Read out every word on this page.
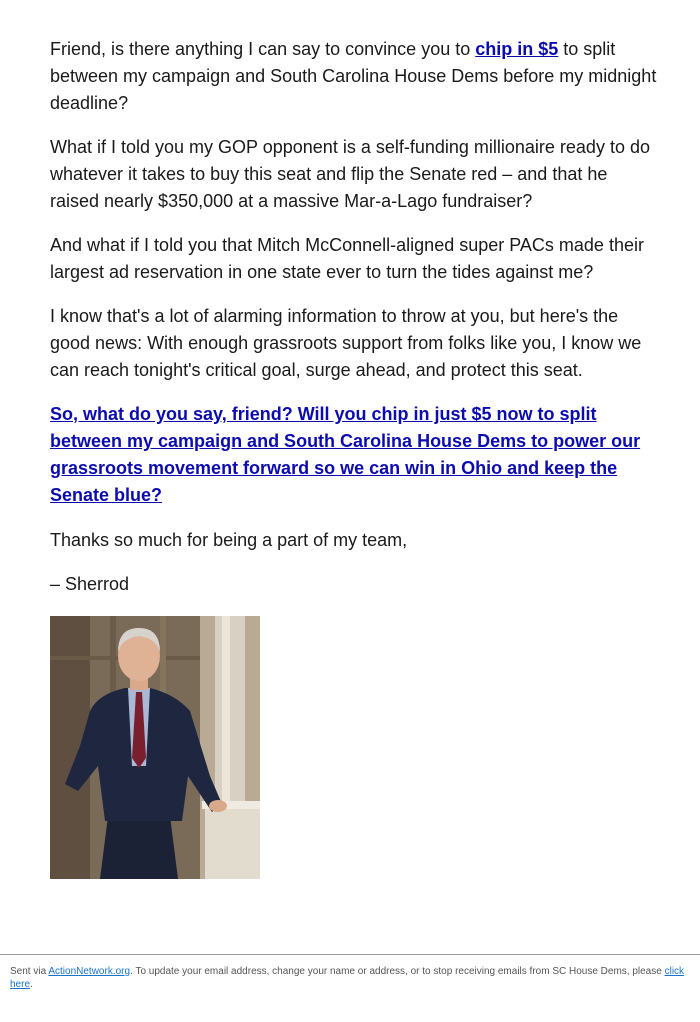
Friend, is there anything I can say to convince you to chip in $5 to split between my campaign and South Carolina House Dems before my midnight deadline?

What if I told you my GOP opponent is a self-funding millionaire ready to do whatever it takes to buy this seat and flip the Senate red – and that he raised nearly $350,000 at a massive Mar-a-Lago fundraiser?

And what if I told you that Mitch McConnell-aligned super PACs made their largest ad reservation in one state ever to turn the tides against me?

I know that's a lot of alarming information to throw at you, but here's the good news: With enough grassroots support from folks like you, I know we can reach tonight's critical goal, surge ahead, and protect this seat.

So, what do you say, friend? Will you chip in just $5 now to split between my campaign and South Carolina House Dems to power our grassroots movement forward so we can win in Ohio and keep the Senate blue?

Thanks so much for being a part of my team,

– Sherrod

Sent via ActionNetwork.org. To update your email address, change your name or address, or to stop receiving emails from SC House Dems, please click here.
